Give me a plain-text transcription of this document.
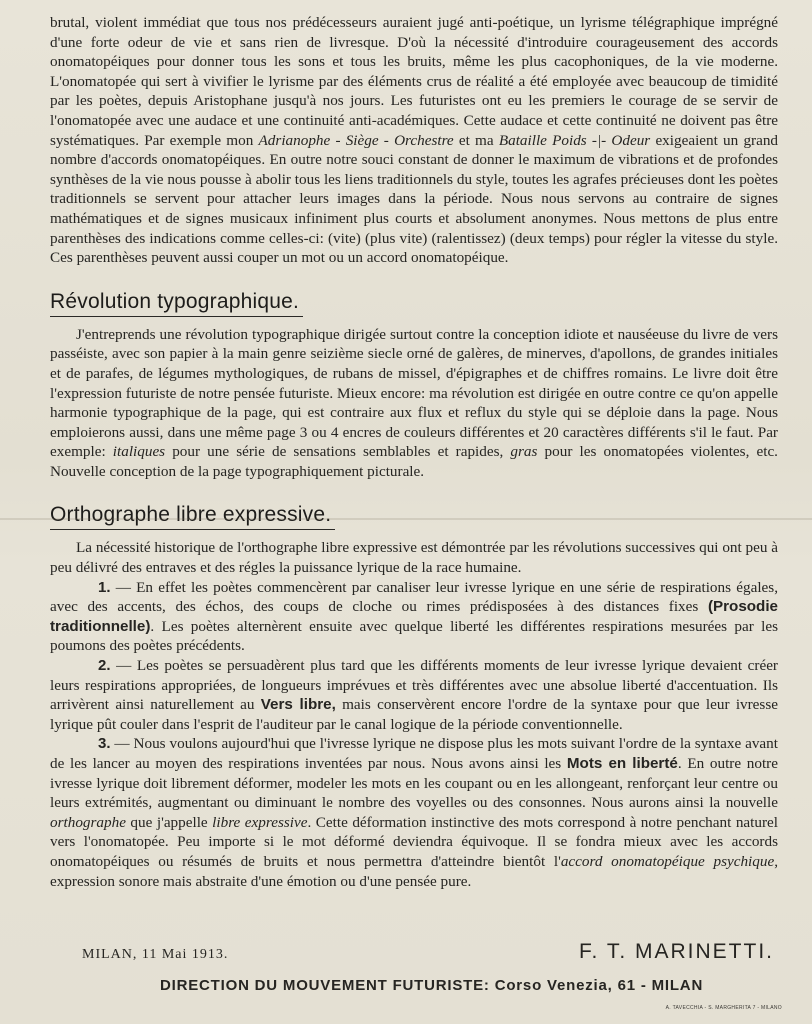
brutal, violent immédiat que tous nos prédécesseurs auraient jugé anti-poétique, un lyrisme télégraphique imprégné d'une forte odeur de vie et sans rien de livresque. D'où la nécessité d'introduire courageusement des accords onomatopéiques pour donner tous les sons et tous les bruits, même les plus cacophoniques, de la vie moderne. L'onomatopée qui sert à vivifier le lyrisme par des éléments crus de réalité a été employée avec beaucoup de timidité par les poètes, depuis Aristophane jusqu'à nos jours. Les futuristes ont eu les premiers le courage de se servir de l'onomatopée avec une audace et une continuité anti-académiques. Cette audace et cette continuité ne doivent pas être systématiques. Par exemple mon Adrianophe - Siège - Orchestre et ma Bataille Poids -|- Odeur exigeaient un grand nombre d'accords onomatopéiques. En outre notre souci constant de donner le maximum de vibrations et de profondes synthèses de la vie nous pousse à abolir tous les liens traditionnels du style, toutes les agrafes précieuses dont les poètes traditionnels se servent pour attacher leurs images dans la période. Nous nous servons au contraire de signes mathématiques et de signes musicaux infiniment plus courts et absolument anonymes. Nous mettons de plus entre parenthèses des indications comme celles-ci: (vite) (plus vite) (ralentissez) (deux temps) pour régler la vitesse du style. Ces parenthèses peuvent aussi couper un mot ou un accord onomatopéique.

Révolution typographique.

J'entreprends une révolution typographique dirigée surtout contre la conception idiote et nauséeuse du livre de vers passéiste, avec son papier à la main genre seizième siecle orné de galères, de minerves, d'apollons, de grandes initiales et de parafes, de légumes mythologiques, de rubans de missel, d'épigraphes et de chiffres romains. Le livre doit être l'expression futuriste de notre pensée futuriste. Mieux encore: ma révolution est dirigée en outre contre ce qu'on appelle harmonie typographique de la page, qui est contraire aux flux et reflux du style qui se déploie dans la page. Nous emploierons aussi, dans une même page 3 ou 4 encres de couleurs différentes et 20 caractères différents s'il le faut. Par exemple: italiques pour une série de sensations semblables et rapides, gras pour les onomatopées violentes, etc. Nouvelle conception de la page typographiquement picturale.

Orthographe libre expressive.

La nécessité historique de l'orthographe libre expressive est démontrée par les révolutions successives qui ont peu à peu délivré des entraves et des régles la puissance lyrique de la race humaine.

1. — En effet les poètes commencèrent par canaliser leur ivresse lyrique en une série de respirations égales, avec des accents, des échos, des coups de cloche ou rimes prédisposées à des distances fixes (Prosodie traditionnelle). Les poètes alternèrent ensuite avec quelque liberté les différentes respirations mesurées par les poumons des poètes précédents.

2. — Les poètes se persuadèrent plus tard que les différents moments de leur ivresse lyrique devaient créer leurs respirations appropriées, de longueurs imprévues et très différentes avec une absolue liberté d'accentuation. Ils arrivèrent ainsi naturellement au Vers libre, mais conservèrent encore l'ordre de la syntaxe pour que leur ivresse lyrique pût couler dans l'esprit de l'auditeur par le canal logique de la période conventionnelle.

3. — Nous voulons aujourd'hui que l'ivresse lyrique ne dispose plus les mots suivant l'ordre de la syntaxe avant de les lancer au moyen des respirations inventées par nous. Nous avons ainsi les Mots en liberté. En outre notre ivresse lyrique doit librement déformer, modeler les mots en les coupant ou en les allongeant, renforçant leur centre ou leurs extrémités, augmentant ou diminuant le nombre des voyelles ou des consonnes. Nous aurons ainsi la nouvelle orthographe que j'appelle libre expressive. Cette déformation instinctive des mots correspond à notre penchant naturel vers l'onomatopée. Peu importe si le mot déformé deviendra équivoque. Il se fondra mieux avec les accords onomatopéiques ou résumés de bruits et nous permettra d'atteindre bientôt l'accord onomatopéique psychique, expression sonore mais abstraite d'une émotion ou d'une pensée pure.

MILAN, 11 Mai 1913.	F. T. MARINETTI.
DIRECTION DU MOUVEMENT FUTURISTE: Corso Venezia, 61 - MILAN
A. TAVECCHIA - S. MARGHERITA 7 - MILANO
